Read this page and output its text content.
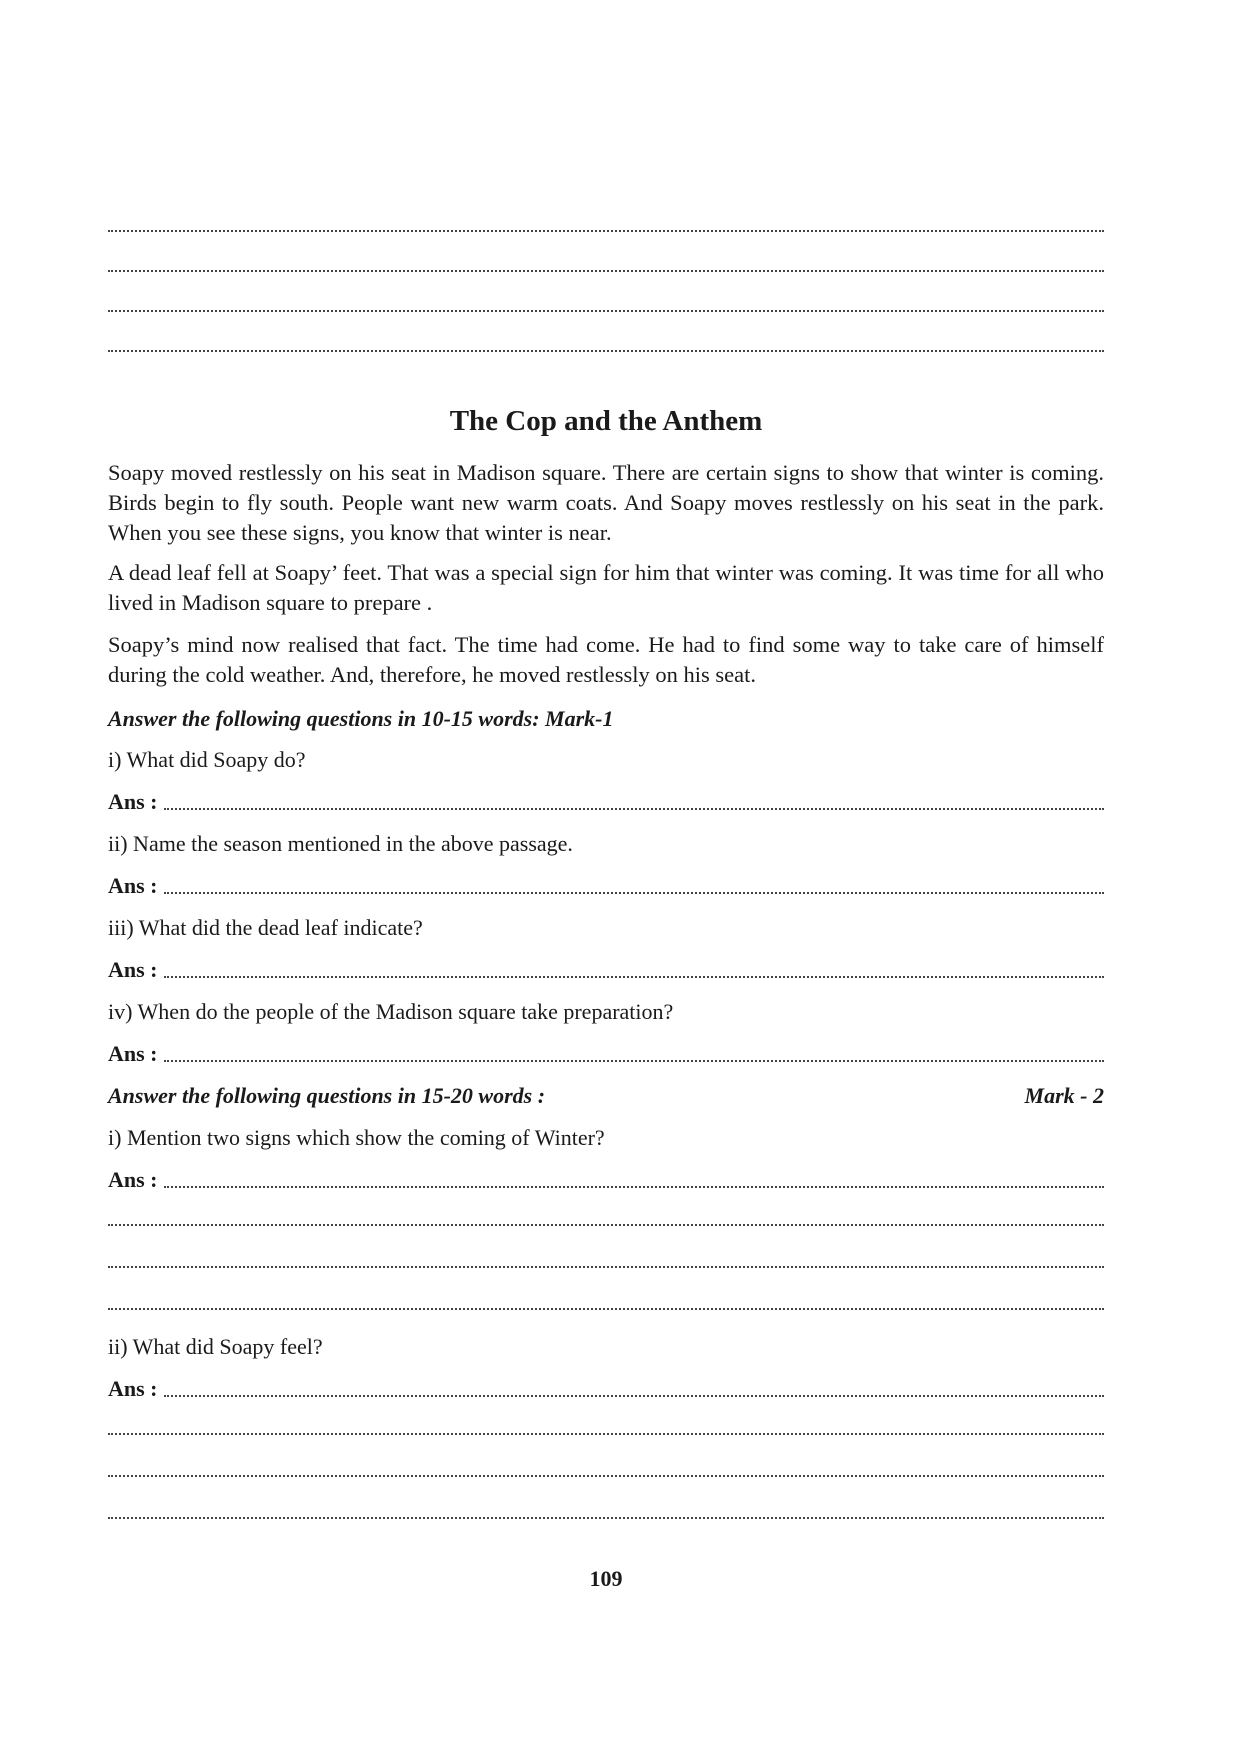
The Cop and the Anthem
Soapy moved restlessly on his seat in Madison square. There are certain signs to show that winter is coming. Birds begin to fly south. People want new warm coats. And Soapy moves restlessly on his seat in the park. When you see these signs, you know that winter is near.
A dead leaf fell at Soapy’ feet. That was a special sign for him that winter was coming. It was time for all who lived in Madison square to prepare .
Soapy’s mind now realised that fact. The time had come. He had to find some way to take care of himself during the cold weather. And, therefore, he moved restlessly on his seat.
Answer the following questions in 10-15 words: Mark-1
i) What did Soapy do?
Ans :
ii) Name the season mentioned in the above passage.
Ans :
iii) What did the dead leaf indicate?
Ans :
iv) When do the people of the Madison square take preparation?
Ans :
Answer the following questions in 15-20 words :	Mark - 2
i) Mention two signs which show the coming of Winter?
Ans :
ii) What did Soapy feel?
Ans :
109
